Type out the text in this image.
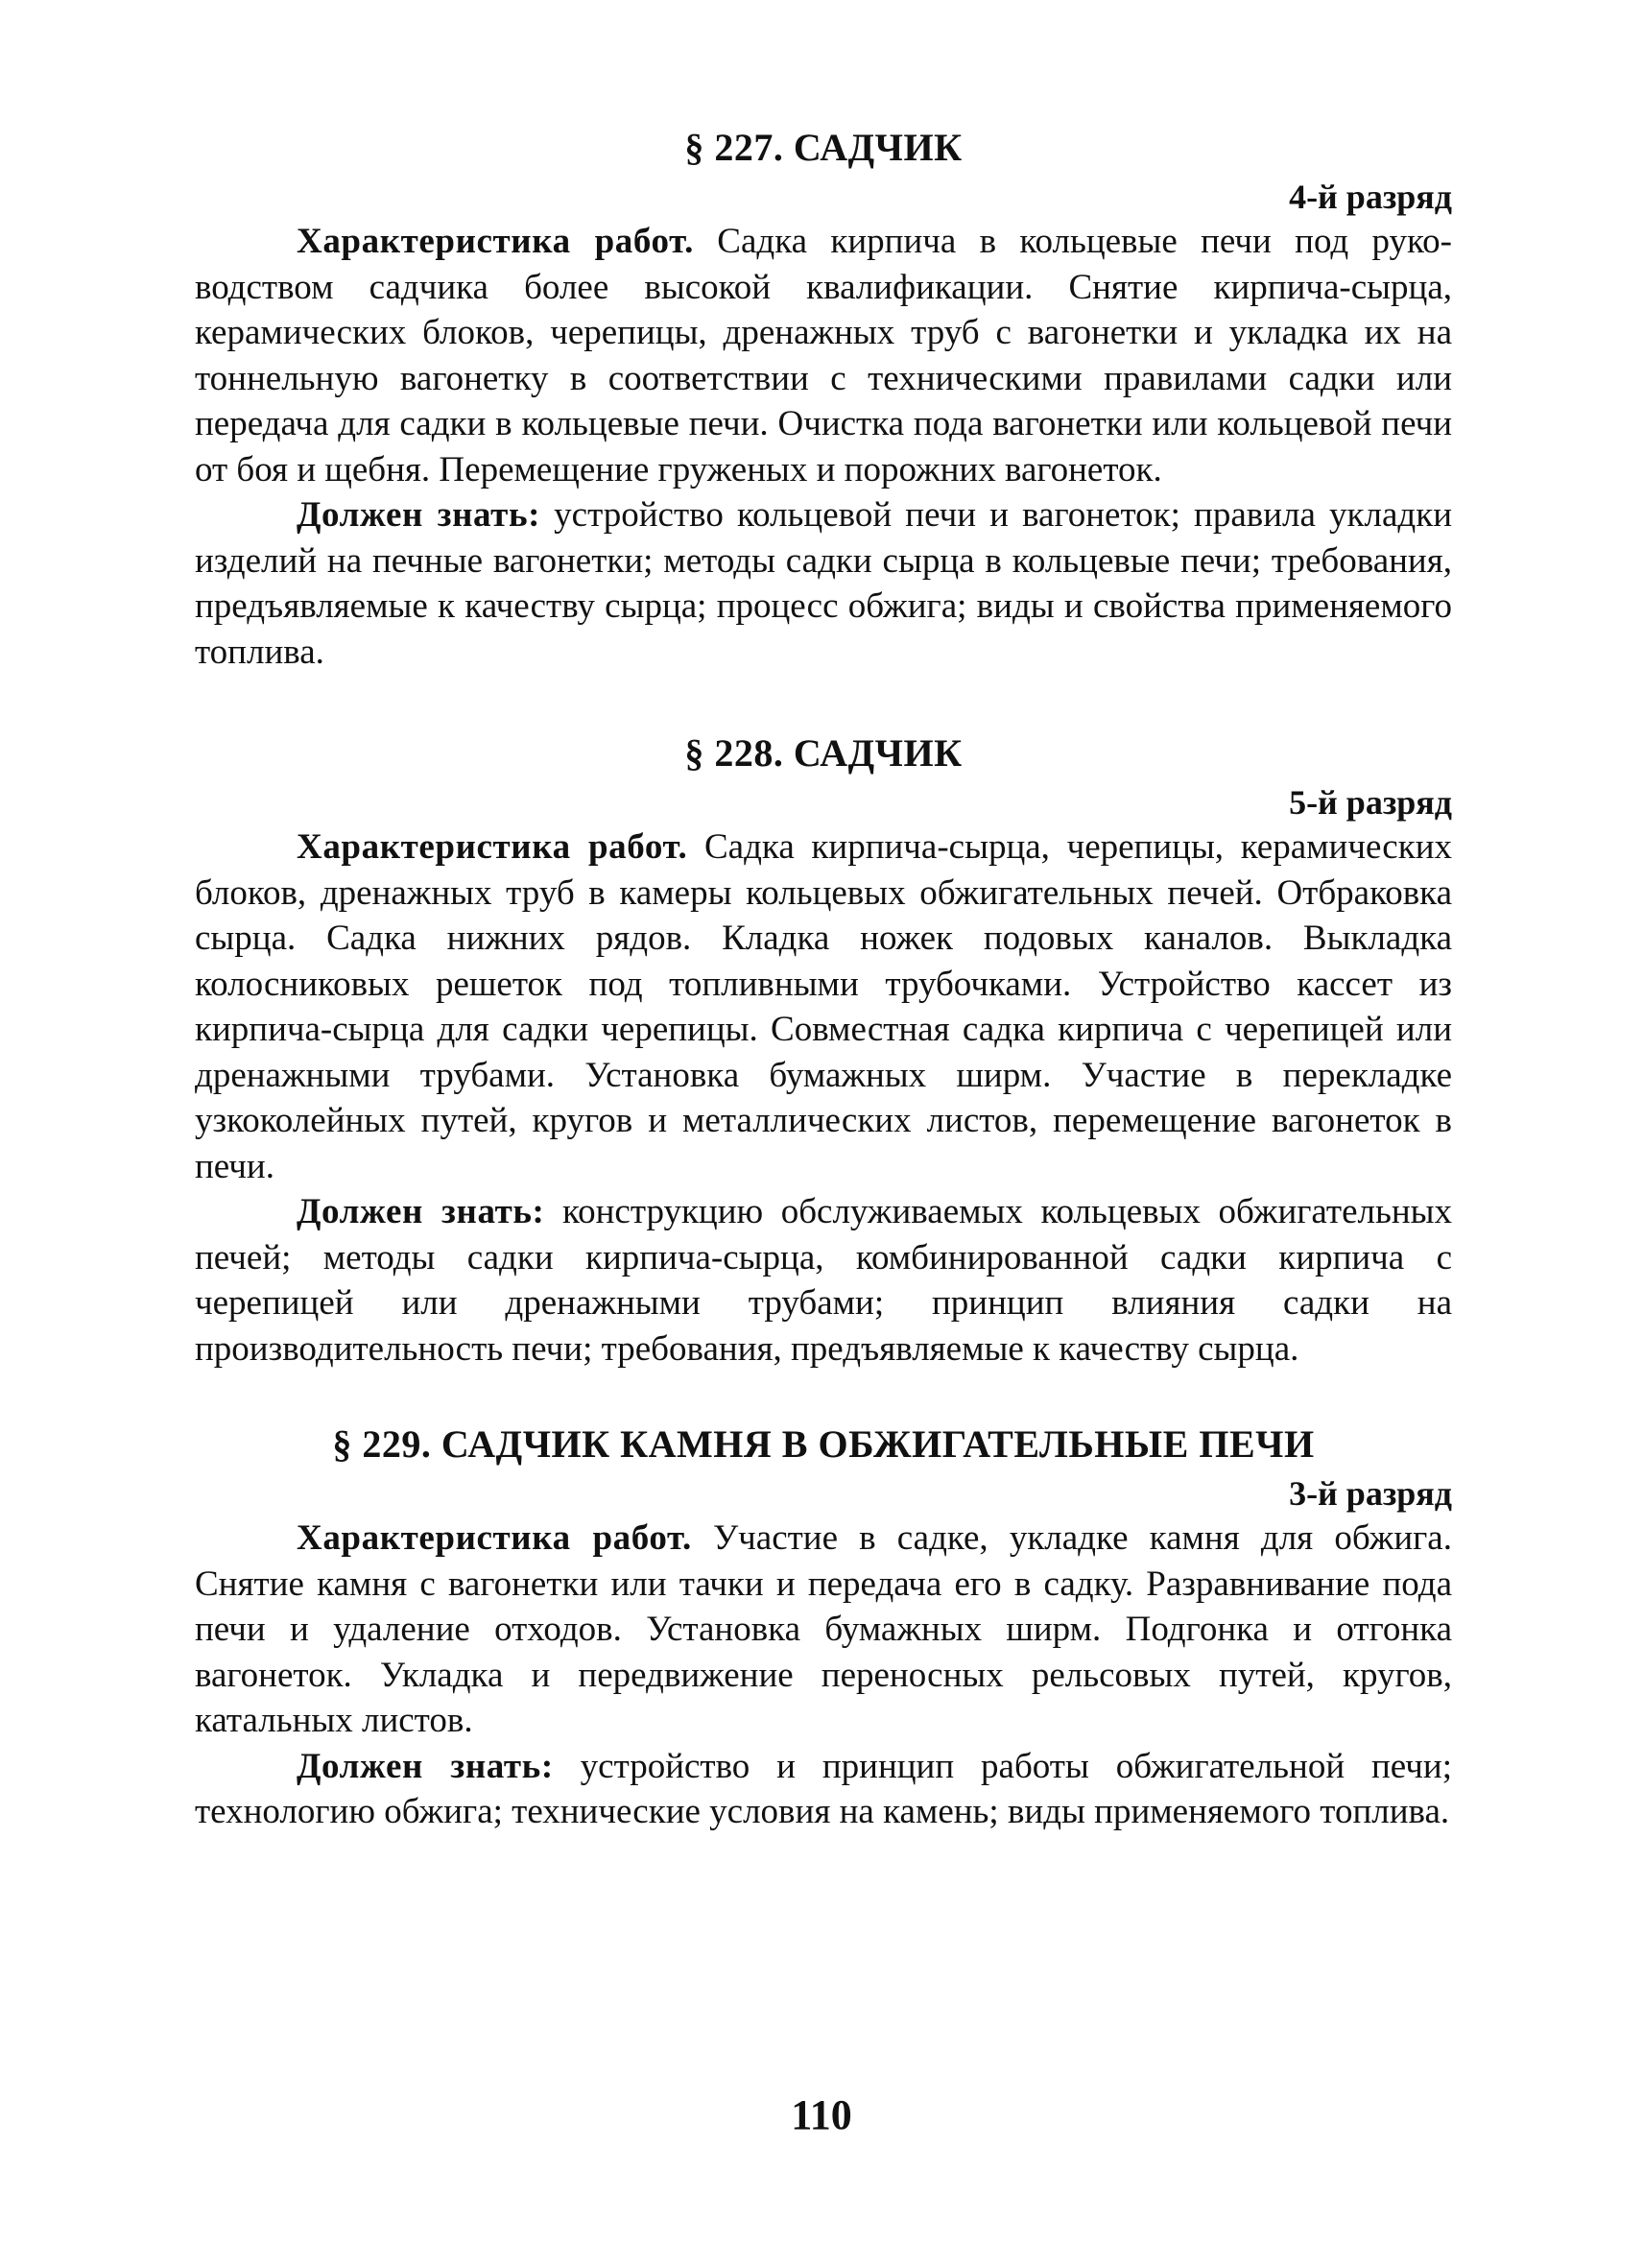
§ 227. САДЧИК
4-й разряд

Характеристика работ. Садка кирпича в кольцевые печи под руководством садчика более высокой квалификации. Снятие кирпича-сырца, керамических блоков, черепицы, дренажных труб с вагонетки и укладка их на тоннельную вагонетку в соответствии с техническими правилами садки или передача для садки в кольцевые печи. Очистка пода вагонетки или кольцевой печи от боя и щебня. Перемещение груженых и порожних вагонеток.

Должен знать: устройство кольцевой печи и вагонеток; правила укладки изделий на печные вагонетки; методы садки сырца в кольцевые печи; требования, предъявляемые к качеству сырца; процесс обжига; виды и свойства применяемого топлива.

§ 228. САДЧИК
5-й разряд

Характеристика работ. Садка кирпича-сырца, черепицы, керамических блоков, дренажных труб в камеры кольцевых обжигательных печей. Отбраковка сырца. Садка нижних рядов. Кладка ножек подовых каналов. Выкладка колосниковых решеток под топливными трубочками. Устройство кассет из кирпича-сырца для садки черепицы. Совместная садка кирпича с черепицей или дренажными трубами. Установка бумажных ширм. Участие в перекладке узкоколейных путей, кругов и металлических листов, перемещение вагонеток в печи.

Должен знать: конструкцию обслуживаемых кольцевых обжигательных печей; методы садки кирпича-сырца, комбинированной садки кирпича с черепицей или дренажными трубами; принцип влияния садки на производительность печи; требования, предъявляемые к качеству сырца.

§ 229. САДЧИК КАМНЯ В ОБЖИГАТЕЛЬНЫЕ ПЕЧИ
3-й разряд

Характеристика работ. Участие в садке, укладке камня для обжига. Снятие камня с вагонетки или тачки и передача его в садку. Разравнивание пода печи и удаление отходов. Установка бумажных ширм. Подгонка и отгонка вагонеток. Укладка и передвижение переносных рельсовых путей, кругов, катальных листов.

Должен знать: устройство и принцип работы обжигательной печи; технологию обжига; технические условия на камень; виды применяемого топлива.

110
